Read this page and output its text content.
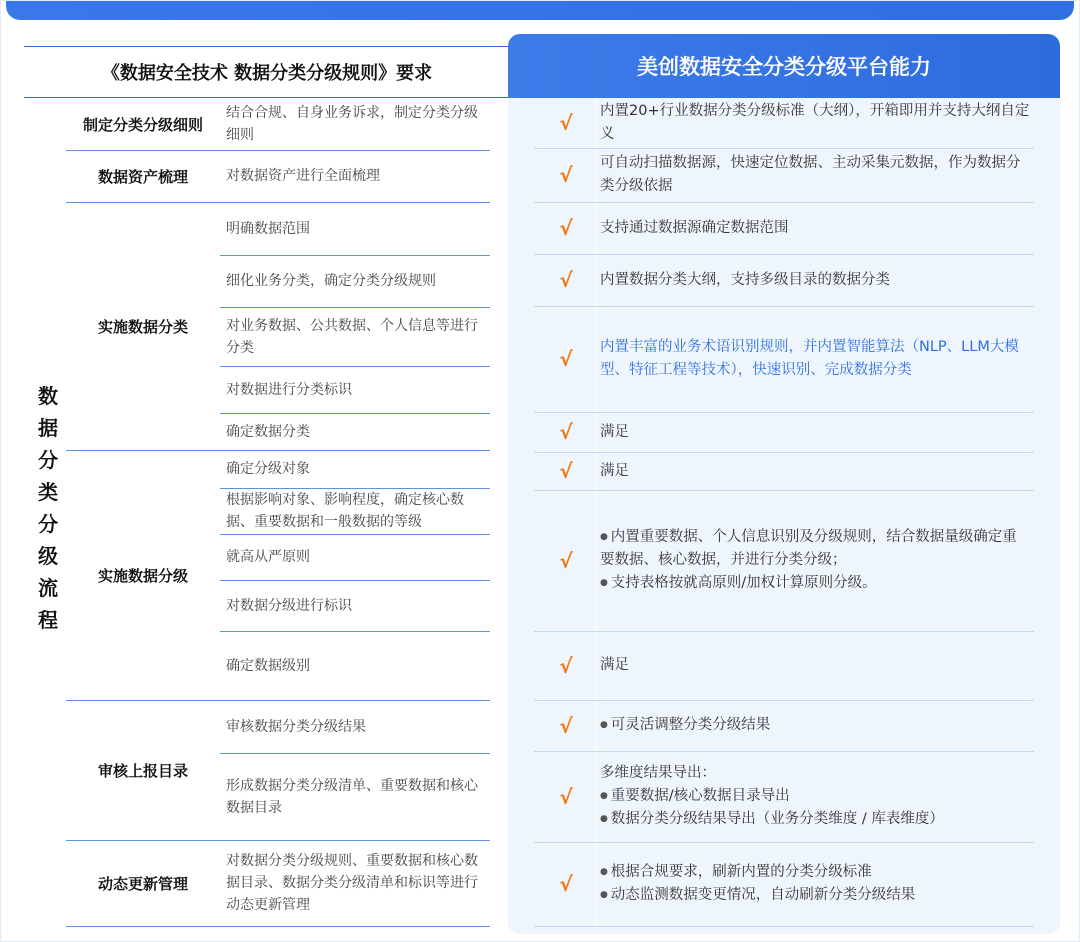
《数据安全技术 数据分类分级规则》要求	美创数据安全分类分级平台能力
数
据
分
类
分
级
流
程
制定分类分级细则
数据资产梳理
实施数据分类
实施数据分级
审核上报目录
动态更新管理
结合合规、自身业务诉求，制定分类分级细则
对数据资产进行全面梳理
明确数据范围
细化业务分类，确定分类分级规则
对业务数据、公共数据、个人信息等进行分类
对数据进行分类标识
确定数据分类
确定分级对象
根据影响对象、影响程度，确定核心数据、重要数据和一般数据的等级
就高从严原则
对数据分级进行标识
确定数据级别
审核数据分类分级结果
形成数据分类分级清单、重要数据和核心数据目录
对数据分类分级规则、重要数据和核心数据目录、数据分类分级清单和标识等进行动态更新管理
√
√
√
√
√
√
√
√
√
√
√
√
内置20+行业数据分类分级标准（大纲），开箱即用并支持大纲自定义
可自动扫描数据源，快速定位数据、主动采集元数据，作为数据分类分级依据
支持通过数据源确定数据范围
内置数据分类大纲，支持多级目录的数据分类
内置丰富的业务术语识别规则，并内置智能算法（NLP、LLM大模型、特征工程等技术），快速识别、完成数据分类
满足
满足
● 内置重要数据、个人信息识别及分级规则，结合数据量级确定重要数据、核心数据，并进行分类分级；
● 支持表格按就高原则/加权计算原则分级。
满足
● 可灵活调整分类分级结果
多维度结果导出：
● 重要数据/核心数据目录导出
● 数据分类分级结果导出（业务分类维度 / 库表维度）
● 根据合规要求，刷新内置的分类分级标准
● 动态监测数据变更情况，自动刷新分类分级结果
